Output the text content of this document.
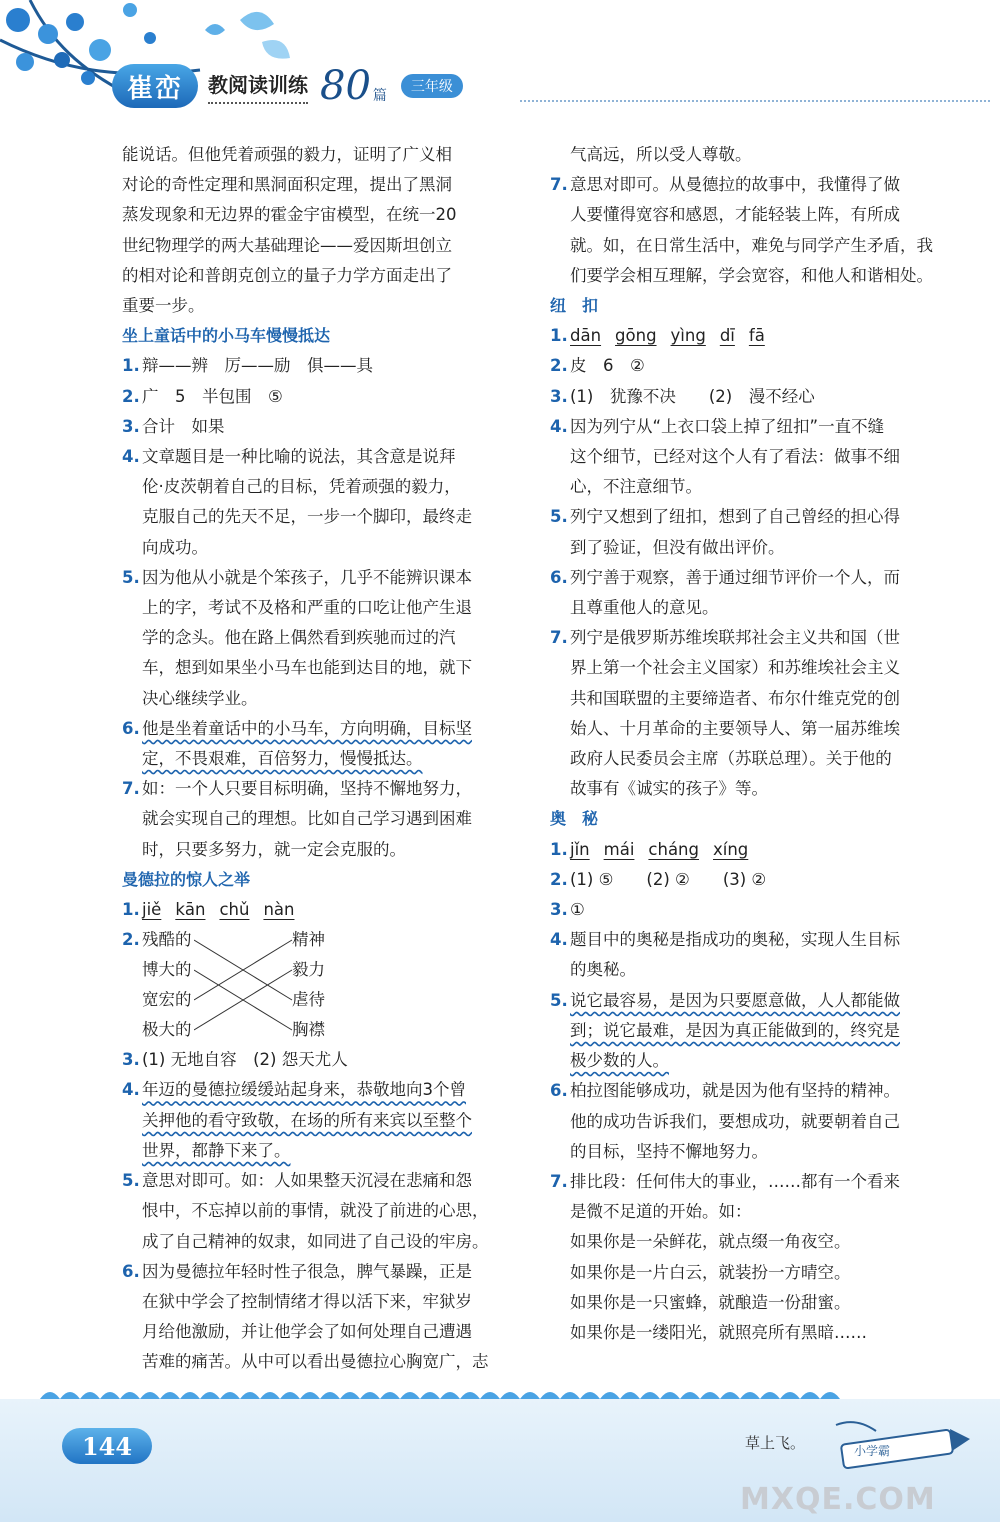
崔峦	教阅读训练 80 篇
三年级

能说话。但他凭着顽强的毅力，证明了广义相

对论的奇性定理和黑洞面积定理，提出了黑洞

蒸发现象和无边界的霍金宇宙模型，在统一20

世纪物理学的两大基础理论——爱因斯坦创立

的相对论和普朗克创立的量子力学方面走出了

重要一步。

坐上童话中的小马车慢慢抵达

1. 辩——辨　厉——励　俱——具

2. 广　5　半包围　⑤

3. 合计　如果

4. 文章题目是一种比喻的说法，其含意是说拜

伦·皮茨朝着自己的目标，凭着顽强的毅力，

克服自己的先天不足，一步一个脚印，最终走

向成功。

5. 因为他从小就是个笨孩子，几乎不能辨识课本

上的字，考试不及格和严重的口吃让他产生退

学的念头。他在路上偶然看到疾驰而过的汽

车，想到如果坐小马车也能到达目的地，就下

决心继续学业。

6. 他是坐着童话中的小马车，方向明确，目标坚

定，不畏艰难，百倍努力，慢慢抵达。

7. 如：一个人只要目标明确，坚持不懈地努力，

就会实现自己的理想。比如自己学习遇到困难

时，只要多努力，就一定会克服的。

曼德拉的惊人之举

1. jiě kān chǔ nàn

2. 残酷的
博大的
宽宏的
极大的
精神
毅力
虐待
胸襟

3. (1) 无地自容　(2) 怨天尤人

4. 年迈的曼德拉缓缓站起身来，恭敬地向3个曾

关押他的看守致敬，在场的所有来宾以至整个

世界，都静下来了。

5. 意思对即可。如：人如果整天沉浸在悲痛和怨

恨中，不忘掉以前的事情，就没了前进的心思，

成了自己精神的奴隶，如同进了自己设的牢房。

6. 因为曼德拉年轻时性子很急，脾气暴躁，正是

在狱中学会了控制情绪才得以活下来，牢狱岁

月给他激励，并让他学会了如何处理自己遭遇

苦难的痛苦。从中可以看出曼德拉心胸宽广，志

气高远，所以受人尊敬。

7. 意思对即可。从曼德拉的故事中，我懂得了做

人要懂得宽容和感恩，才能轻装上阵，有所成

就。如，在日常生活中，难免与同学产生矛盾，我

们要学会相互理解，学会宽容，和他人和谐相处。

纽　扣

1. dān gōng yìng dī fā

2. 皮　6　②

3. (1)　犹豫不决　　(2)　漫不经心

4. 因为列宁从“上衣口袋上掉了纽扣”一直不缝

这个细节，已经对这个人有了看法：做事不细

心，不注意细节。

5. 列宁又想到了纽扣，想到了自己曾经的担心得

到了验证，但没有做出评价。

6. 列宁善于观察，善于通过细节评价一个人，而

且尊重他人的意见。

7. 列宁是俄罗斯苏维埃联邦社会主义共和国（世

界上第一个社会主义国家）和苏维埃社会主义

共和国联盟的主要缔造者、布尔什维克党的创

始人、十月革命的主要领导人、第一届苏维埃

政府人民委员会主席（苏联总理）。关于他的

故事有《诚实的孩子》等。

奥　秘

1. jǐn mái cháng xíng

2. (1) ⑤　　(2) ②　　(3) ②

3. ①

4. 题目中的奥秘是指成功的奥秘，实现人生目标

的奥秘。

5. 说它最容易，是因为只要愿意做，人人都能做

到；说它最难，是因为真正能做到的，终究是

极少数的人。

6. 柏拉图能够成功，就是因为他有坚持的精神。

他的成功告诉我们，要想成功，就要朝着自己

的目标，坚持不懈地努力。

7. 排比段：任何伟大的事业，……都有一个看来

是微不足道的开始。如：

如果你是一朵鲜花，就点缀一角夜空。

如果你是一片白云，就装扮一方晴空。

如果你是一只蜜蜂，就酿造一份甜蜜。

如果你是一缕阳光，就照亮所有黑暗……

144	草上飞。	小学霸
MXQE.COM
